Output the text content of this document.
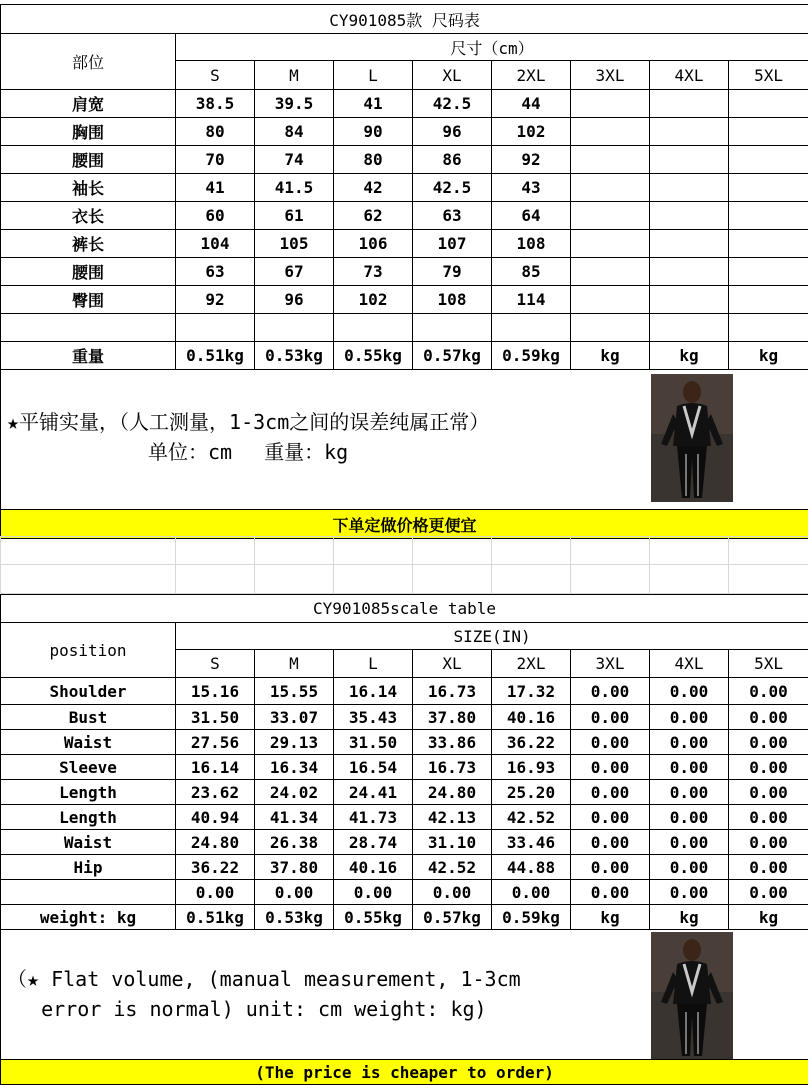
CY901085款 尺码表								
部位	尺寸（cm）							
	S	M	L	XL	2XL	3XL	4XL	5XL
肩宽	38.5	39.5	41	42.5	44			
胸围	80	84	90	96	102			
腰围	70	74	80	86	92			
袖长	41	41.5	42	42.5	43			
衣长	60	61	62	63	64			
裤长	104	105	106	107	108			
腰围	63	67	73	79	85			
臀围	92	96	102	108	114			

重量	0.51kg	0.53kg	0.55kg	0.57kg	0.59kg	kg	kg	kg

★平铺实量，（人工测量，1-3cm之间的误差纯属正常）
单位：cm　 重量：kg								

下单定做价格更便宜								

CY901085scale table								
position	SIZE(IN)							
	S	M	L	XL	2XL	3XL	4XL	5XL
Shoulder	15.16	15.55	16.14	16.73	17.32	0.00	0.00	0.00
Bust	31.50	33.07	35.43	37.80	40.16	0.00	0.00	0.00
Waist	27.56	29.13	31.50	33.86	36.22	0.00	0.00	0.00
Sleeve	16.14	16.34	16.54	16.73	16.93	0.00	0.00	0.00
Length	23.62	24.02	24.41	24.80	25.20	0.00	0.00	0.00
Length	40.94	41.34	41.73	42.13	42.52	0.00	0.00	0.00
Waist	24.80	26.38	28.74	31.10	33.46	0.00	0.00	0.00
Hip	36.22	37.80	40.16	42.52	44.88	0.00	0.00	0.00
	0.00	0.00	0.00	0.00	0.00	0.00	0.00	0.00
weight: kg	0.51kg	0.53kg	0.55kg	0.57kg	0.59kg	kg	kg	kg

（★ Flat volume, (manual measurement, 1-3cm
error is normal) unit: cm weight: kg)								

(The price is cheaper to order)								
